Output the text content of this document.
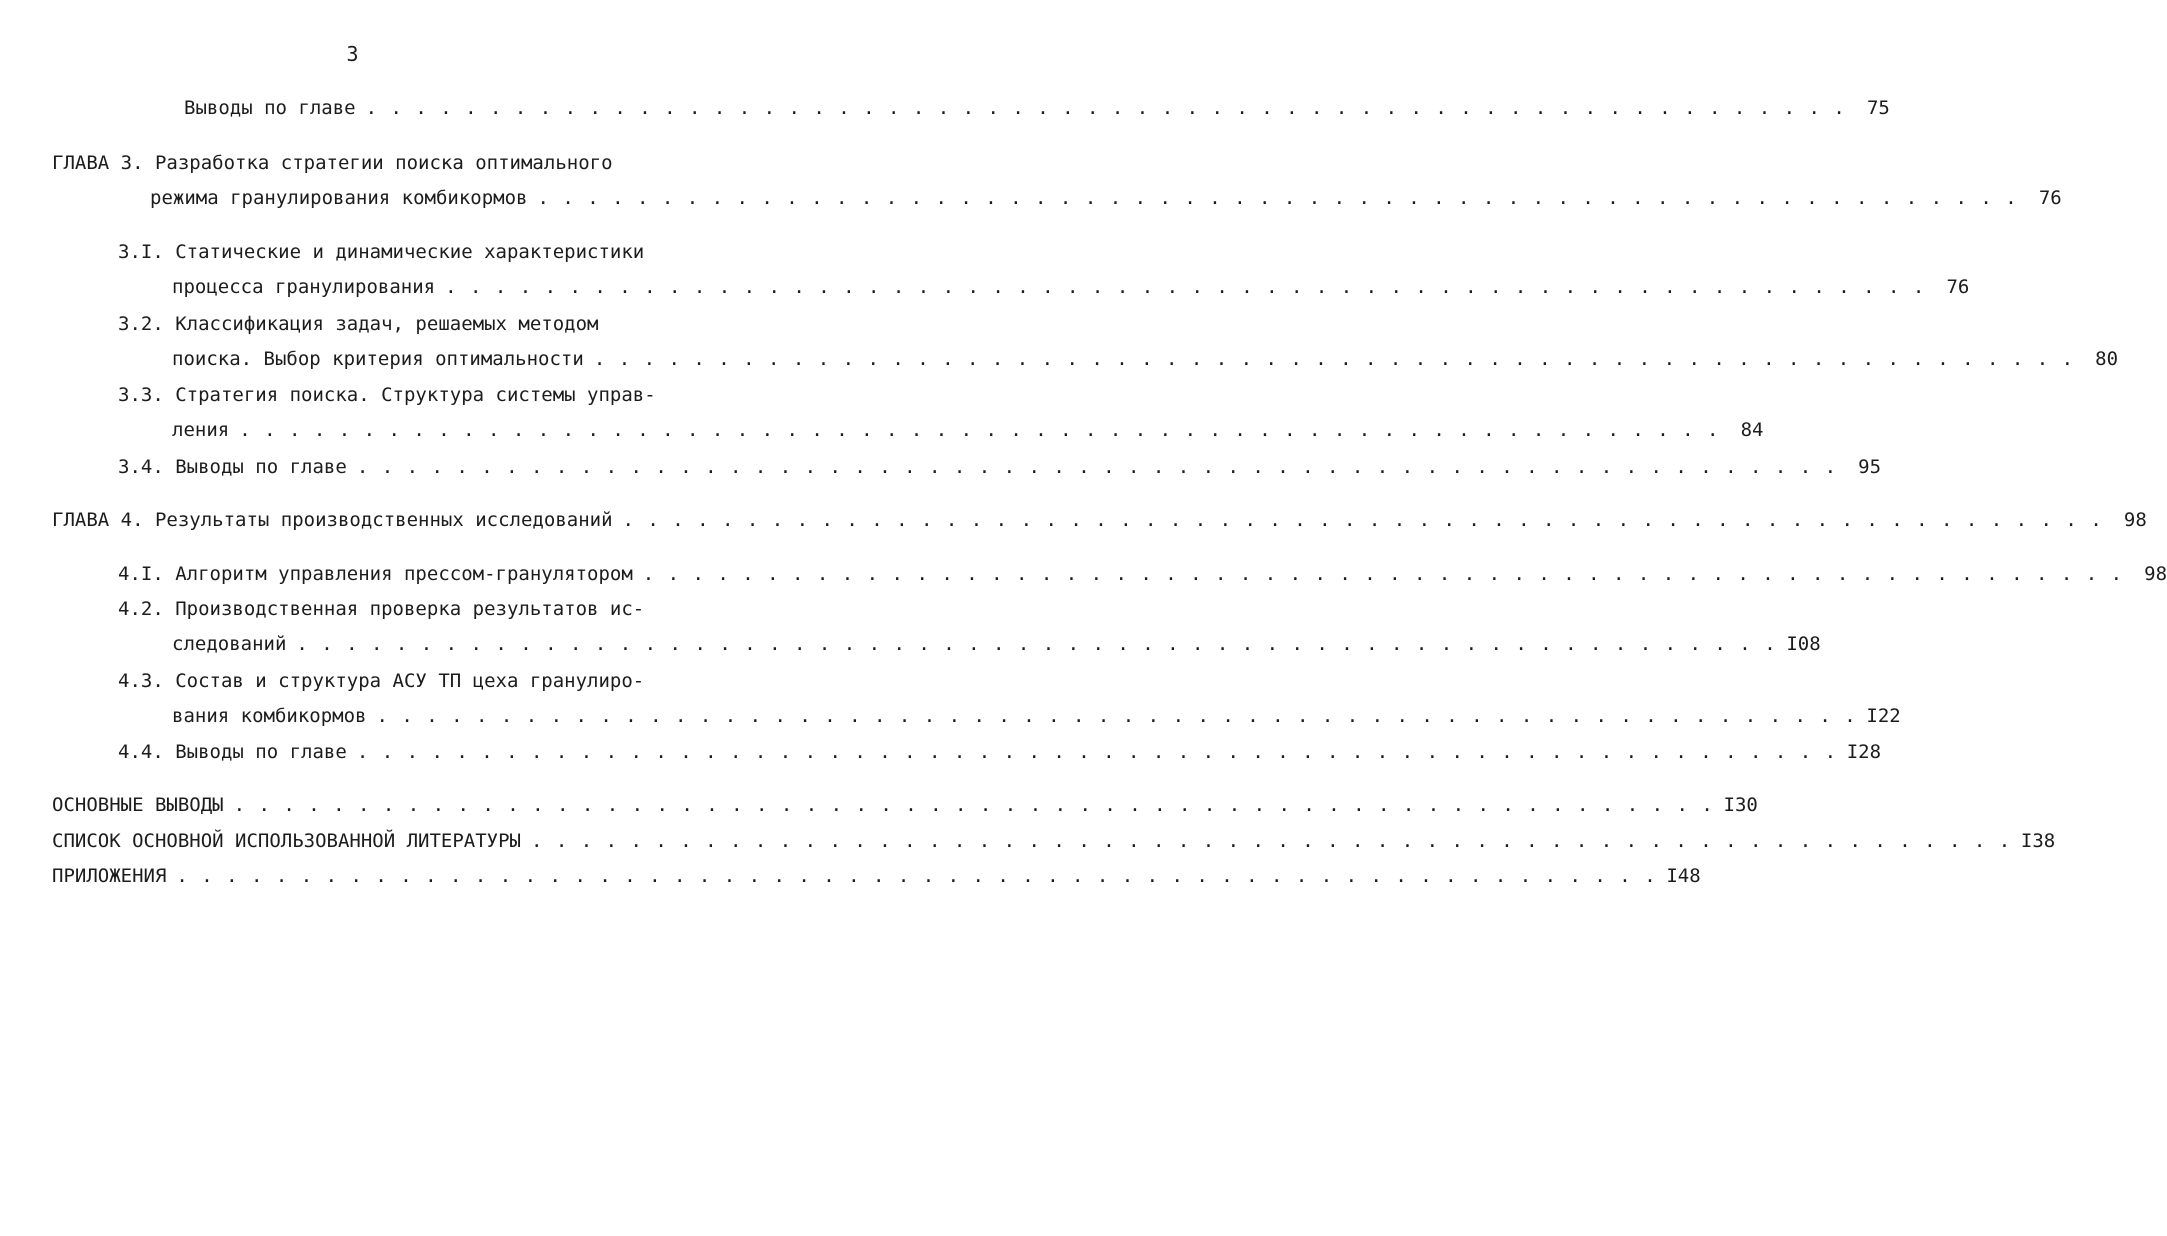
3
Выводы по главе . . . . . . . . . . . . . . . . . . . . . . . . . . . . . . . . . . . . . . . . . . . . . . . . . . . . . . . . . . . .	75
ГЛАВА 3. Разработка стратегии поиска оптимального
режима гранулирования комбикормов . . . . . . . . . . . . . . . . . . . . . . . . . . . . . . . . . . . . . . . . . . . . . . . . . . . . . . . . . . . .	76
3.I. Статические и динамические характеристики
процесса гранулирования . . . . . . . . . . . . . . . . . . . . . . . . . . . . . . . . . . . . . . . . . . . . . . . . . . . . . . . . . . . .	76
3.2. Классификация задач, решаемых методом
поиска. Выбор критерия оптимальности . . . . . . . . . . . . . . . . . . . . . . . . . . . . . . . . . . . . . . . . . . . . . . . . . . . . . . . . . . . .	80
3.3. Стратегия поиска. Структура системы управ-
ления . . . . . . . . . . . . . . . . . . . . . . . . . . . . . . . . . . . . . . . . . . . . . . . . . . . . . . . . . . . .	84
3.4. Выводы по главе . . . . . . . . . . . . . . . . . . . . . . . . . . . . . . . . . . . . . . . . . . . . . . . . . . . . . . . . . . . .	95
ГЛАВА 4. Результаты производственных исследований . . . . . . . . . . . . . . . . . . . . . . . . . . . . . . . . . . . . . . . . . . . . . . . . . . . . . . . . . . . .	98
4.I. Алгоритм управления прессом-гранулятором . . . . . . . . . . . . . . . . . . . . . . . . . . . . . . . . . . . . . . . . . . . . . . . . . . . . . . . . . . . .	98
4.2. Производственная проверка результатов ис-
следований . . . . . . . . . . . . . . . . . . . . . . . . . . . . . . . . . . . . . . . . . . . . . . . . . . . . . . . . . . . . I08
4.3. Состав и структура АСУ ТП цеха гранулиро-
вания комбикормов . . . . . . . . . . . . . . . . . . . . . . . . . . . . . . . . . . . . . . . . . . . . . . . . . . . . . . . . . . . . I22
4.4. Выводы по главе . . . . . . . . . . . . . . . . . . . . . . . . . . . . . . . . . . . . . . . . . . . . . . . . . . . . . . . . . . . . I28
ОСНОВНЫЕ ВЫВОДЫ . . . . . . . . . . . . . . . . . . . . . . . . . . . . . . . . . . . . . . . . . . . . . . . . . . . . . . . . . . . . I30
СПИСОК ОСНОВНОЙ ИСПОЛЬЗОВАННОЙ ЛИТЕРАТУРЫ . . . . . . . . . . . . . . . . . . . . . . . . . . . . . . . . . . . . . . . . . . . . . . . . . . . . . . . . . . . . I38
ПРИЛОЖЕНИЯ . . . . . . . . . . . . . . . . . . . . . . . . . . . . . . . . . . . . . . . . . . . . . . . . . . . . . . . . . . . . I48
